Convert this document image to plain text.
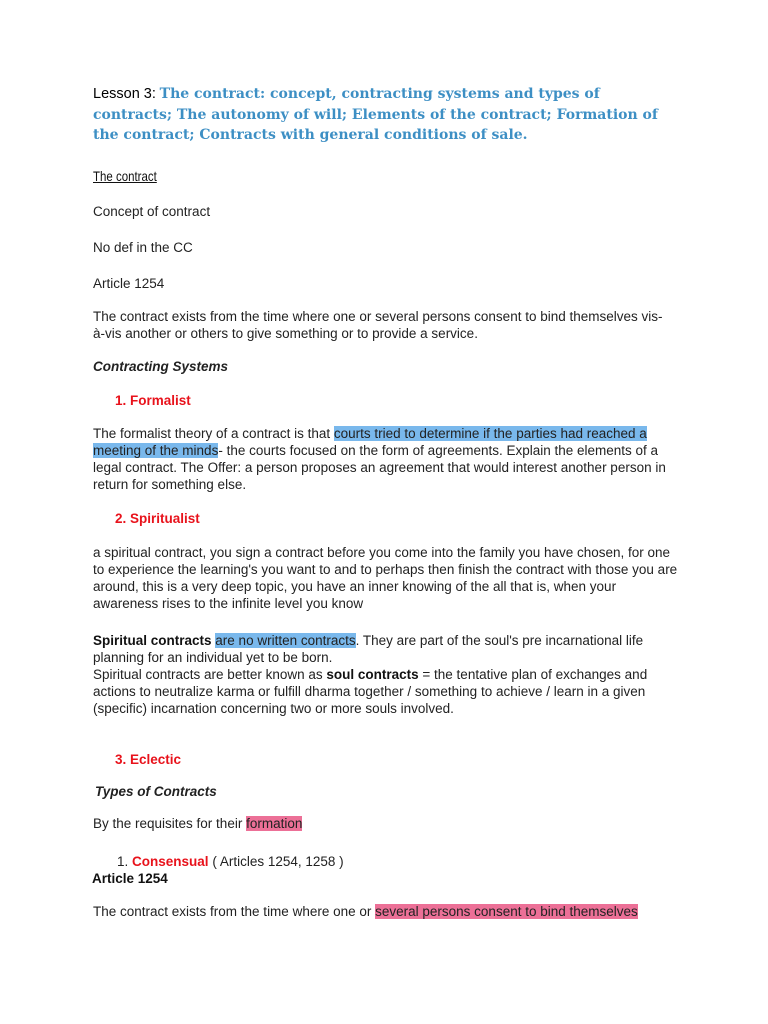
Lesson 3: The contract: concept, contracting systems and types of contracts; The autonomy of will; Elements of the contract; Formation of the contract; Contracts with general conditions of sale.
The contract
Concept of contract
No def in the CC
Article 1254
The contract exists from the time where one or several persons consent to bind themselves vis-à-vis another or others to give something or to provide a service.
Contracting Systems
1. Formalist
The formalist theory of a contract is that courts tried to determine if the parties had reached a meeting of the minds- the courts focused on the form of agreements. Explain the elements of a legal contract. The Offer: a person proposes an agreement that would interest another person in return for something else.
2. Spiritualist
a spiritual contract, you sign a contract before you come into the family you have chosen, for one to experience the learning's you want to and to perhaps then finish the contract with those you are around, this is a very deep topic, you have an inner knowing of the all that is, when your awareness rises to the infinite level you know
Spiritual contracts are no written contracts. They are part of the soul's pre incarnational life planning for an individual yet to be born.
Spiritual contracts are better known as soul contracts = the tentative plan of exchanges and actions to neutralize karma or fulfill dharma together / something to achieve / learn in a given (specific) incarnation concerning two or more souls involved.
3. Eclectic
Types of Contracts
By the requisites for their formation
1. Consensual ( Articles 1254, 1258 )
Article 1254
The contract exists from the time where one or several persons consent to bind themselves
